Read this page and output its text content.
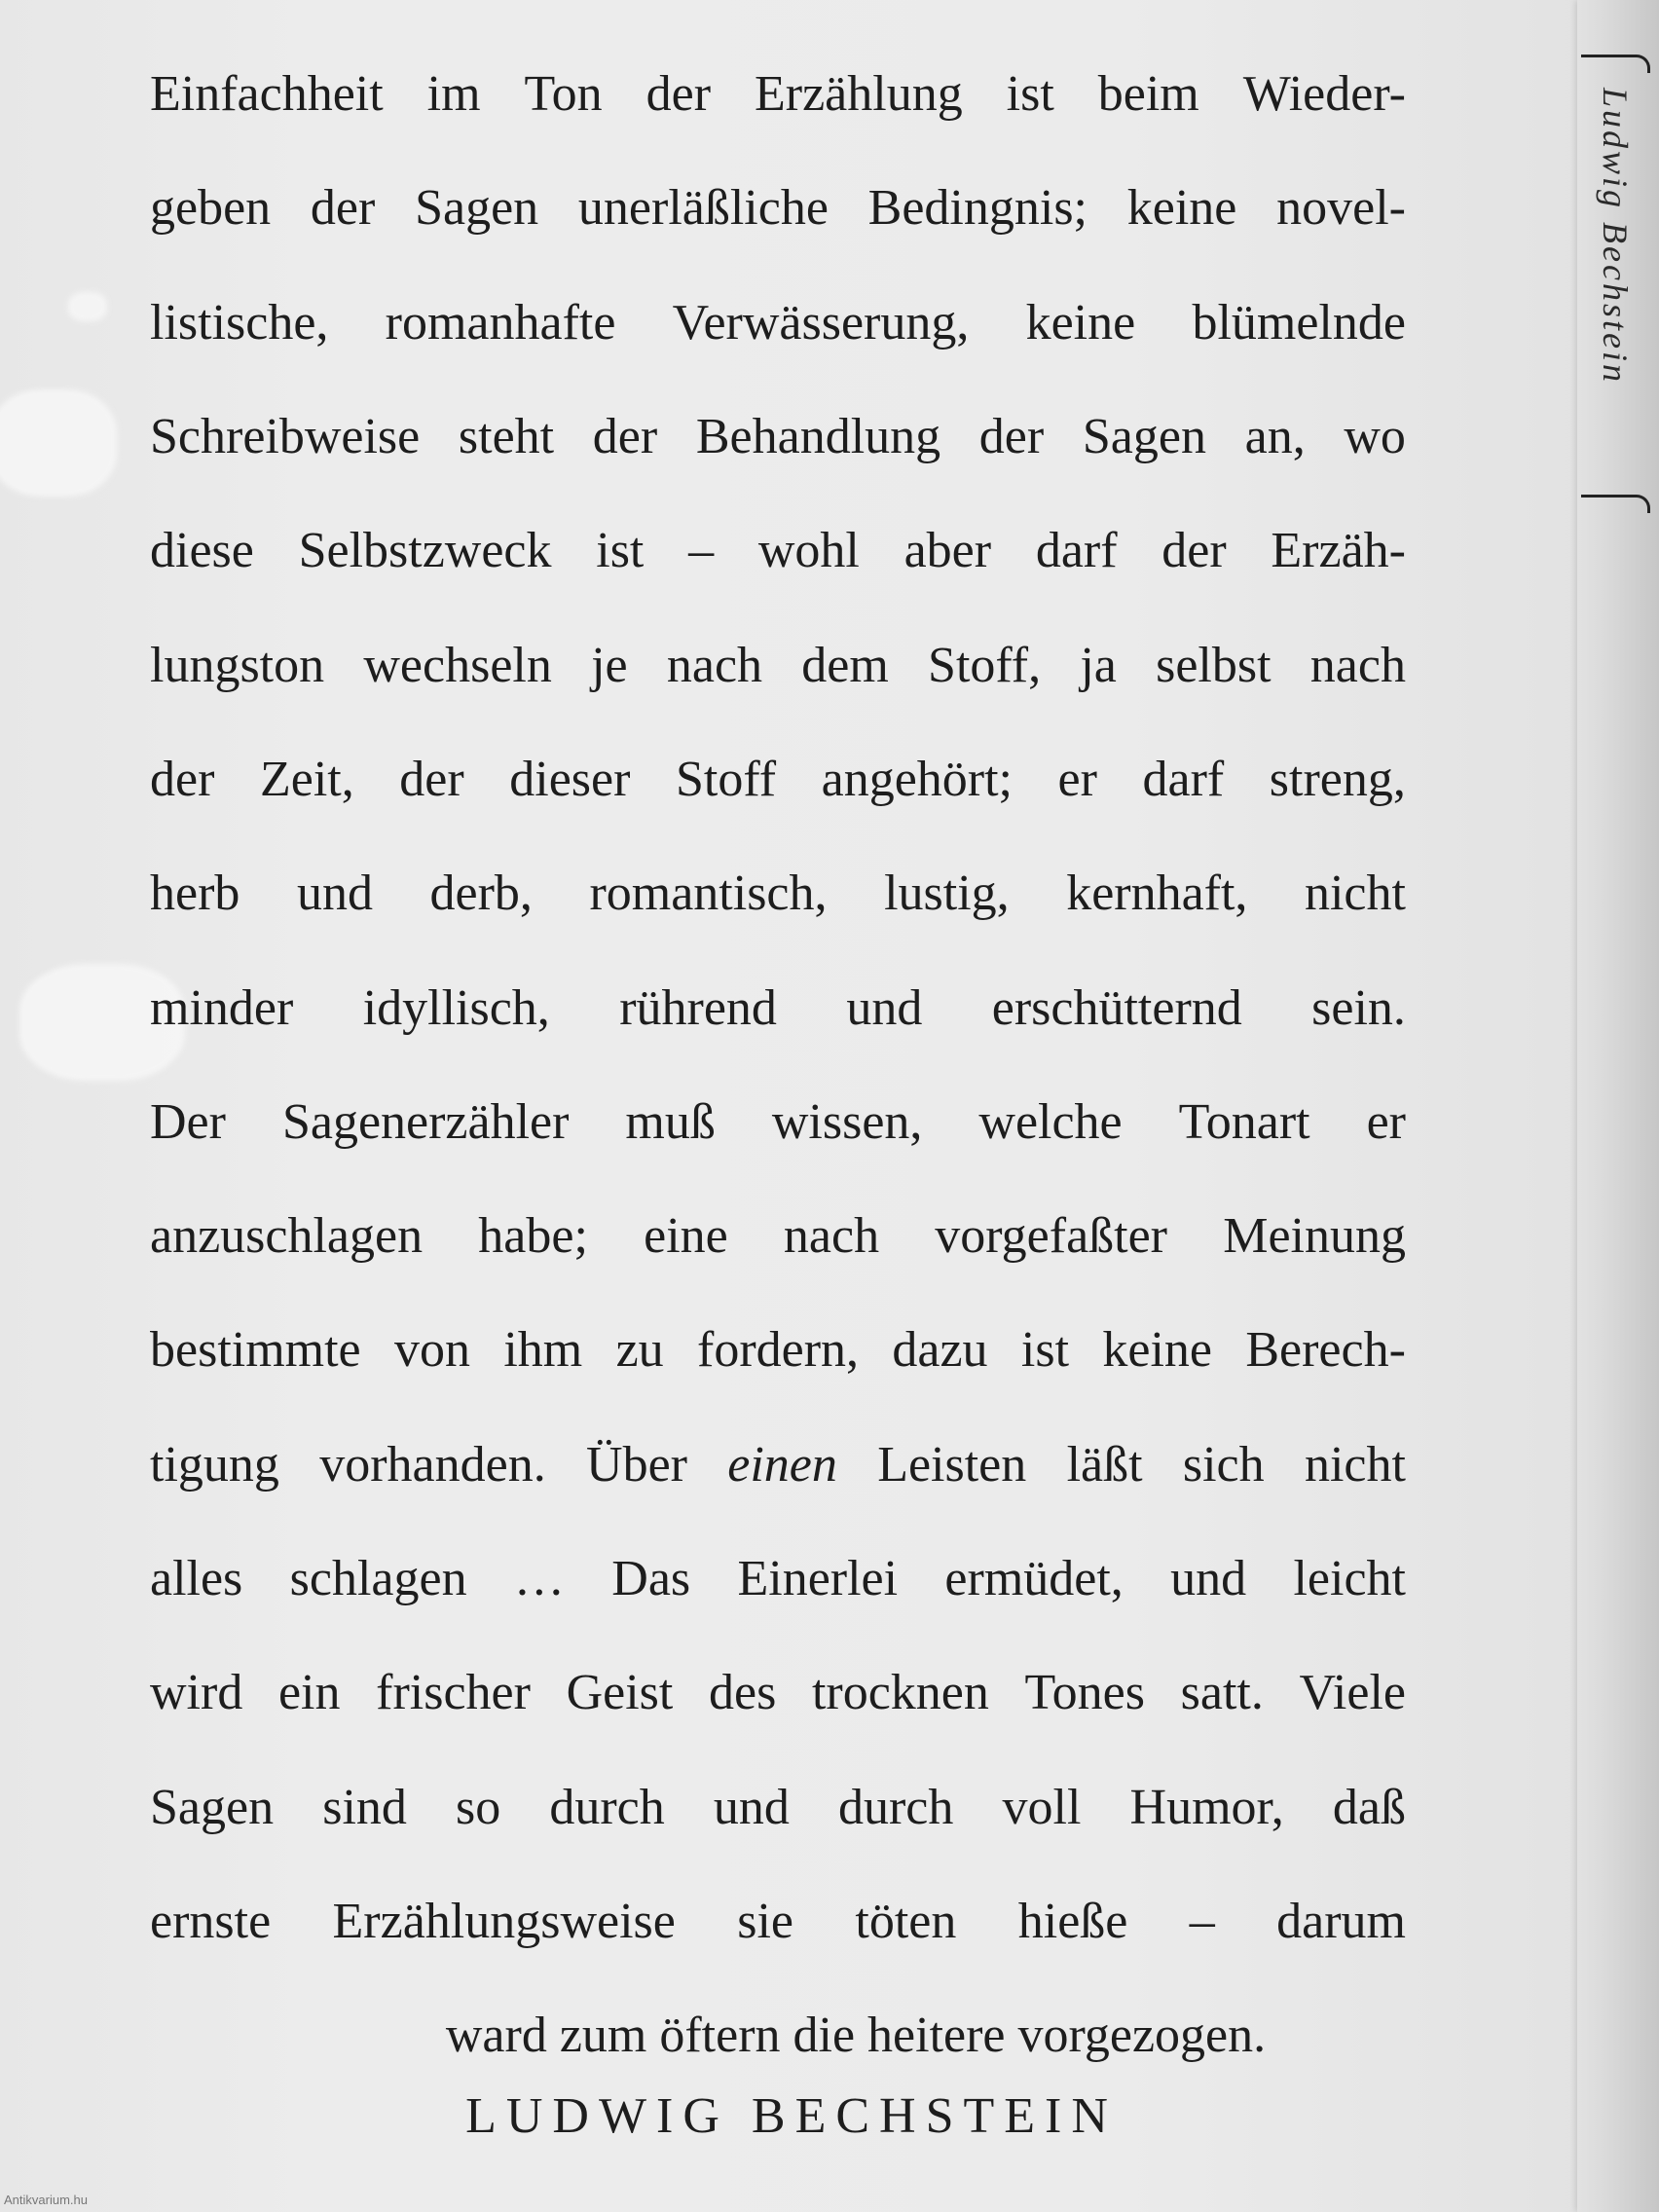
Einfachheit im Ton der Erzählung ist beim Wieder-
geben der Sagen unerläßliche Bedingnis; keine novel-
listische, romanhafte Verwässerung, keine blümelnde
Schreibweise steht der Behandlung der Sagen an, wo
diese Selbstzweck ist – wohl aber darf der Erzäh-
lungston wechseln je nach dem Stoff, ja selbst nach
der Zeit, der dieser Stoff angehört; er darf streng,
herb und derb, romantisch, lustig, kernhaft, nicht
minder idyllisch, rührend und erschütternd sein.
Der Sagenerzähler muß wissen, welche Tonart er
anzuschlagen habe; eine nach vorgefaßter Meinung
bestimmte von ihm zu fordern, dazu ist keine Berech-
tigung vorhanden. Über einen Leisten läßt sich nicht
alles schlagen … Das Einerlei ermüdet, und leicht
wird ein frischer Geist des trocknen Tones satt. Viele
Sagen sind so durch und durch voll Humor, daß
ernste Erzählungsweise sie töten hieße – darum
ward zum öftern die heitere vorgezogen.
LUDWIG BECHSTEIN
Antikvarium.hu
Ludwig Bechstein
